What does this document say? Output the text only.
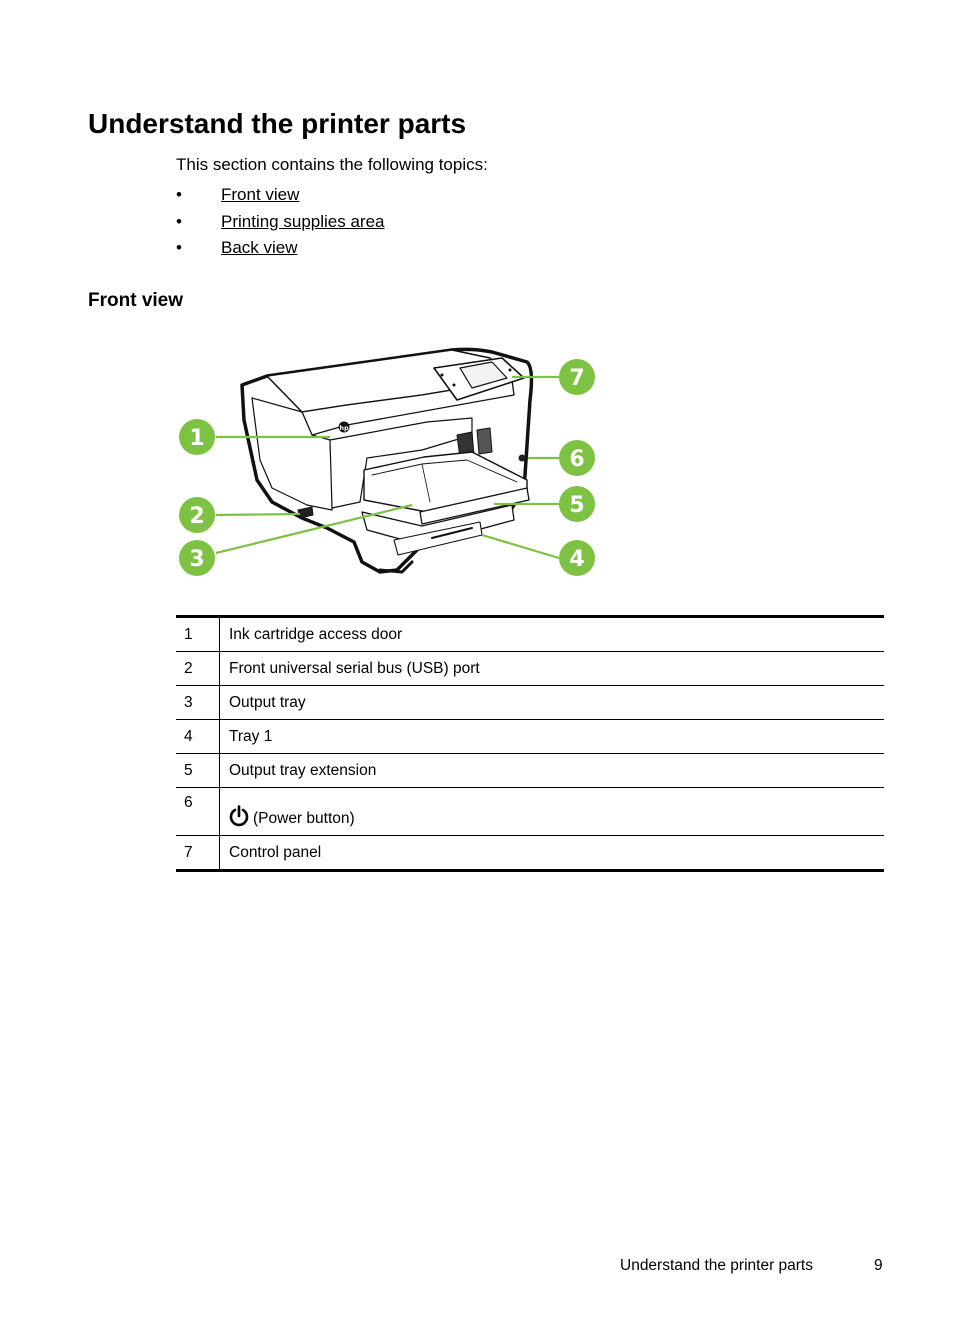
Understand the printer parts

This section contains the following topics:

• Front view
• Printing supplies area
• Back view
Front view
hp
1
2
3	4
5
6
7
1	Ink cartridge access door
2	Front universal serial bus (USB) port
3	Output tray
4	Tray 1
5	Output tray extension
6	(Power button)
7	Control panel
Understand the printer parts	9
